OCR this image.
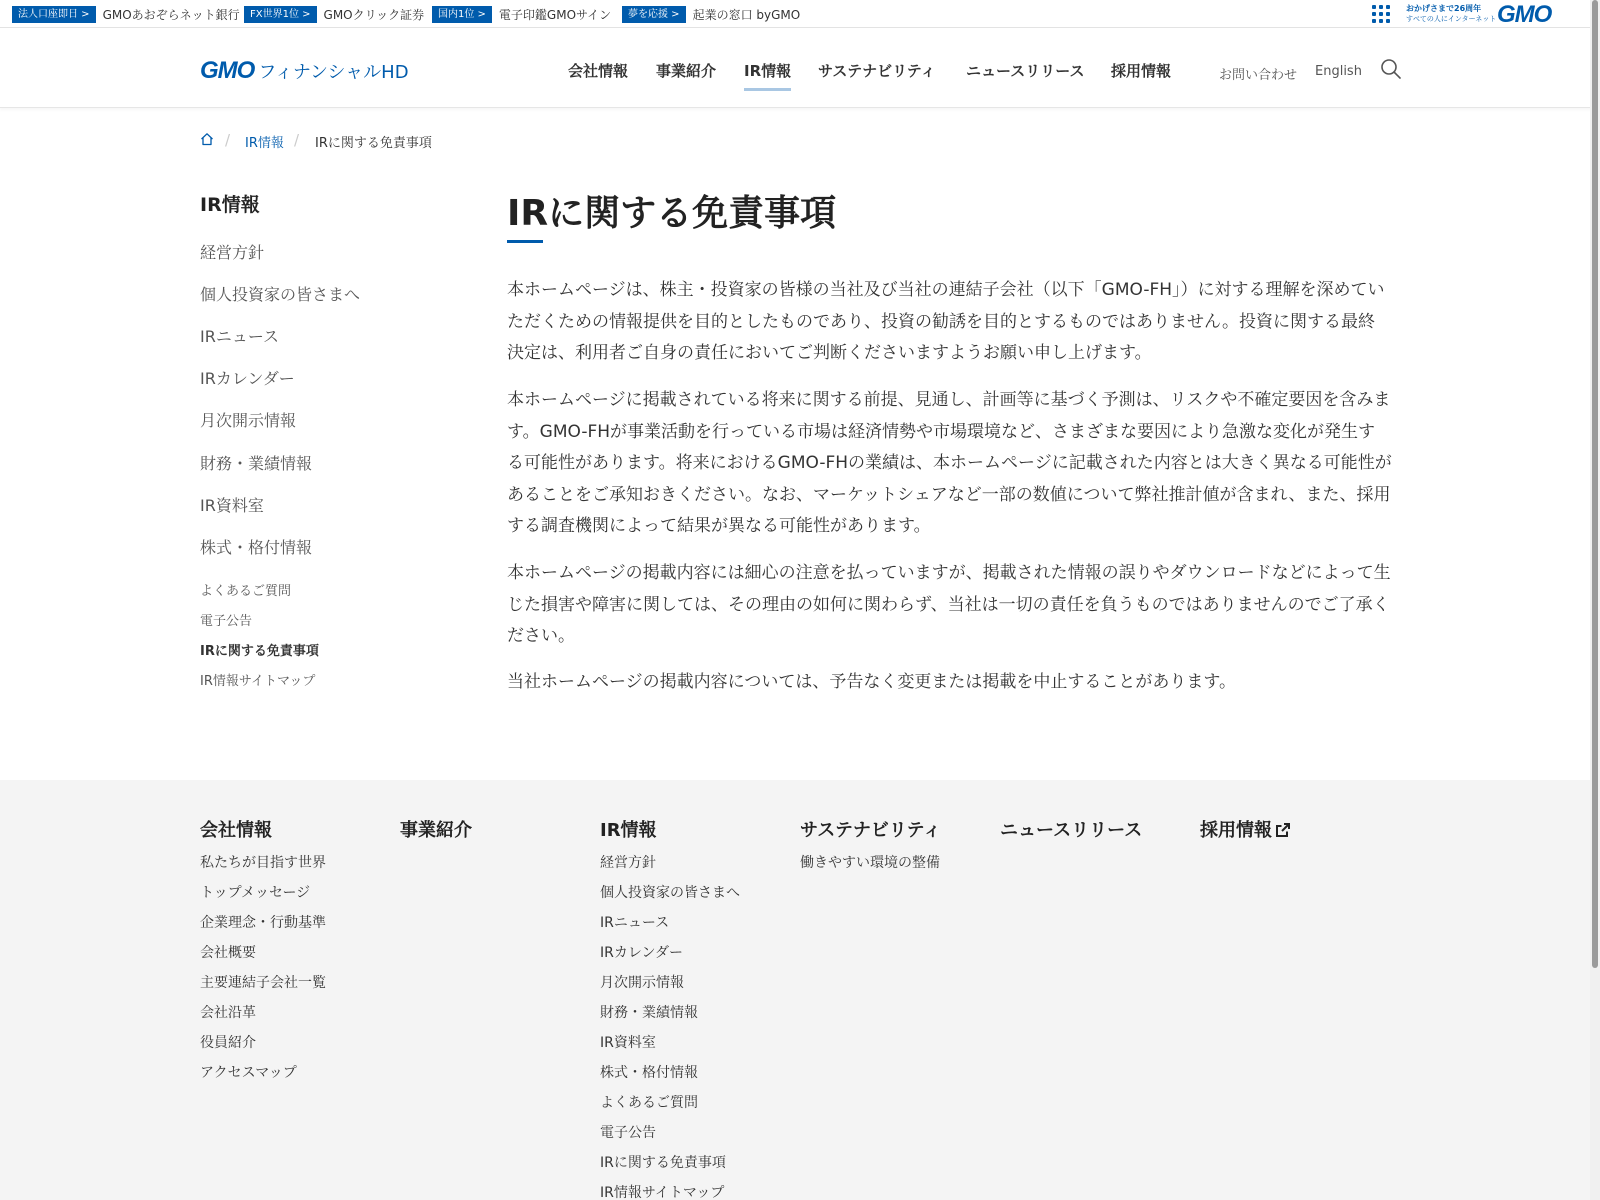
法人口座即日 >	GMOあおぞらネット銀行	FX世界1位 >	GMOクリック証券	国内1位 >	電子印鑑GMOサイン	夢を応援 >	起業の窓口 byGMO	おかげさまで26周年
すべての人にインターネット GMO
GMO フィナンシャルHD	会社情報 事業紹介 IR情報 サステナビリティ ニュースリリース 採用情報	お問い合わせ English
/ IR情報 / IRに関する免責事項
IR情報
経営方針
個人投資家の皆さまへ
IRニュース
IRカレンダー
月次開示情報
財務・業績情報
IR資料室
株式・格付情報
よくあるご質問
電子公告
IRに関する免責事項
IR情報サイトマップ
IRに関する免責事項

本ホームページは、株主・投資家の皆様の当社及び当社の連結子会社（以下「GMO-FH」）に対する理解を深めていただくための情報提供を目的としたものであり、投資の勧誘を目的とするものではありません。投資に関する最終決定は、利用者ご自身の責任においてご判断くださいますようお願い申し上げます。

本ホームページに掲載されている将来に関する前提、見通し、計画等に基づく予測は、リスクや不確定要因を含みます。GMO-FHが事業活動を行っている市場は経済情勢や市場環境など、さまざまな要因により急激な変化が発生する可能性があります。将来におけるGMO-FHの業績は、本ホームページに記載された内容とは大きく異なる可能性があることをご承知おきください。なお、マーケットシェアなど一部の数値について弊社推計値が含まれ、また、採用する調査機関によって結果が異なる可能性があります。

本ホームページの掲載内容には細心の注意を払っていますが、掲載された情報の誤りやダウンロードなどによって生じた損害や障害に関しては、その理由の如何に関わらず、当社は一切の責任を負うものではありませんのでご了承ください。

当社ホームページの掲載内容については、予告なく変更または掲載を中止することがあります。

会社情報
私たちが目指す世界
トップメッセージ
企業理念・行動基準
会社概要
主要連結子会社一覧
会社沿革
役員紹介
アクセスマップ
事業紹介	IR情報
経営方針
個人投資家の皆さまへ
IRニュース
IRカレンダー
月次開示情報
財務・業績情報
IR資料室
株式・格付情報
よくあるご質問
電子公告
IRに関する免責事項
IR情報サイトマップ
サステナビリティ
働きやすい環境の整備
ニュースリリース	採用情報
